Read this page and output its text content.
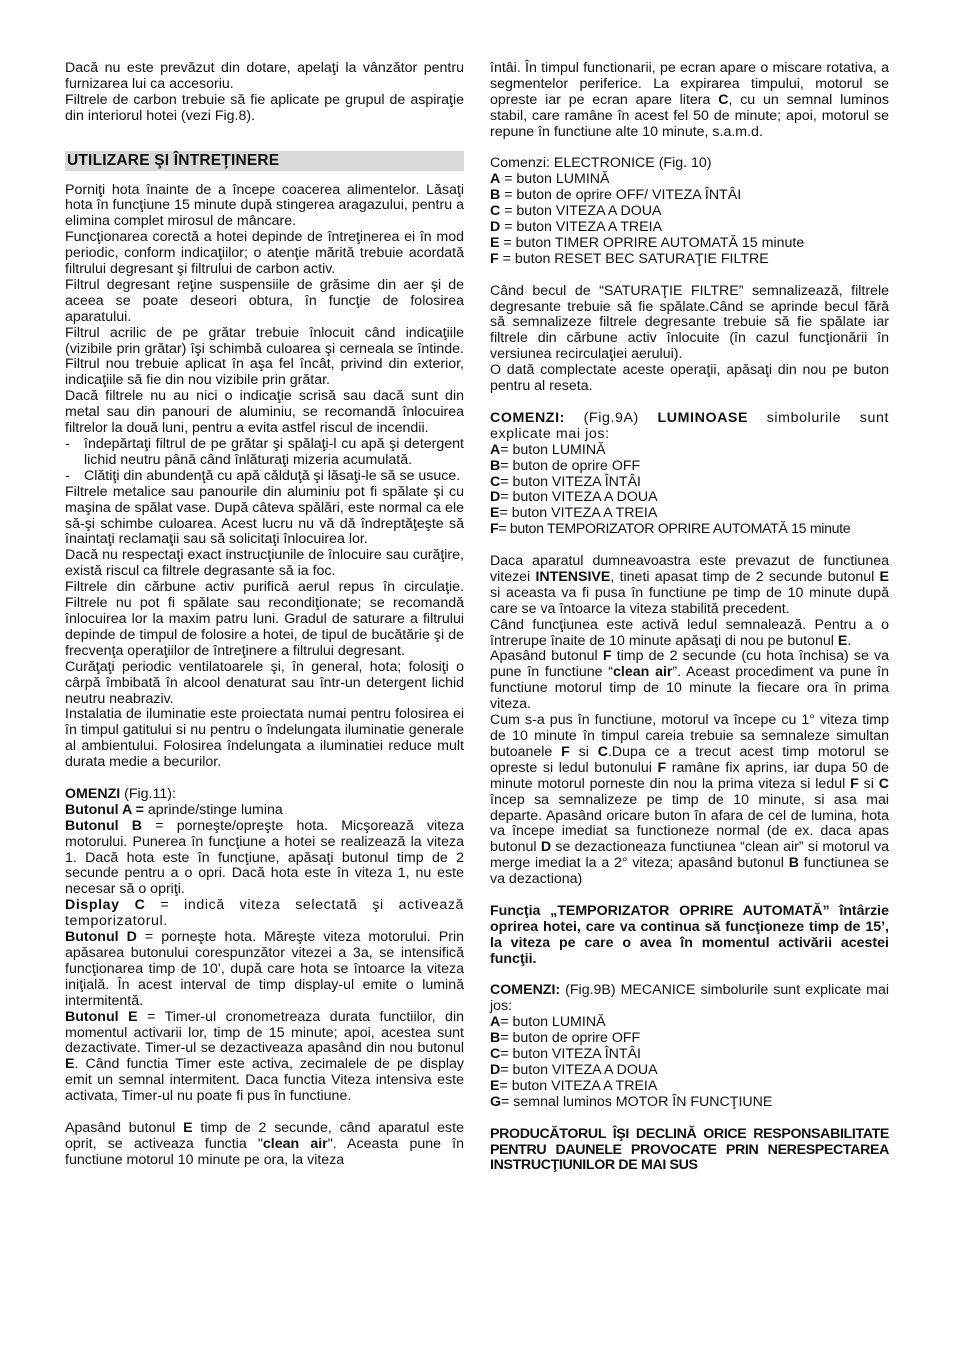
Dacă nu este prevăzut din dotare, apelaţi la vânzător pentru furnizarea lui ca accesoriu.

Filtrele de carbon trebuie să fie aplicate pe grupul de aspiraţie din interiorul hotei (vezi Fig.8).

UTILIZARE ŞI ÎNTREŢINERE

Porniţi hota înainte de a începe coacerea alimentelor. Lăsaţi hota în funcţiune 15 minute după stingerea aragazului, pentru a elimina complet mirosul de mâncare.

Funcţionarea corectă a hotei depinde de întreţinerea ei în mod periodic, conform indicaţiilor; o atenţie mărită trebuie acordată filtrului degresant şi filtrului de carbon activ.

Filtrul degresant reţine suspensiile de grăsime din aer şi de aceea se poate deseori obtura, în funcţie de folosirea aparatului.

Filtrul acrilic de pe grătar trebuie înlocuit când indicaţiile (vizibile prin grătar) îşi schimbă culoarea şi cerneala se întinde. Filtrul nou trebuie aplicat în aşa fel încât, privind din exterior, indicaţiile să fie din nou vizibile prin grătar.

Dacă filtrele nu au nici o indicaţie scrisă sau dacă sunt din metal sau din panouri de aluminiu, se recomandă înlocuirea filtrelor la două luni, pentru a evita astfel riscul de incendii.

-	îndepărtaţi filtrul de pe grătar şi spălaţi-l cu apă şi detergent lichid neutru până când înlăturaţi mizeria acumulată.
-	Clătiţi din abundenţă cu apă călduţă şi lăsaţi-le să se usuce.

Filtrele metalice sau panourile din aluminiu pot fi spălate şi cu maşina de spălat vase. După câteva spălări, este normal ca ele să-şi schimbe culoarea. Acest lucru nu vă dă îndreptăţeşte să înaintaţi reclamaţii sau să solicitaţi înlocuirea lor.

Dacă nu respectaţi exact instrucţiunile de înlocuire sau curăţire, există riscul ca filtrele degrasante să ia foc.

Filtrele din cărbune activ purifică aerul repus în circulaţie. Filtrele nu pot fi spălate sau recondiţionate; se recomandă înlocuirea lor la maxim patru luni. Gradul de saturare a filtrului depinde de timpul de folosire a hotei, de tipul de bucătărie şi de frecvenţa operaţiilor de întreţinere a filtrului degresant.

Curăţaţi periodic ventilatoarele şi, în general, hota; folosiţi o cârpă îmbibată în alcool denaturat sau într-un detergent lichid neutru neabraziv.

Instalatia de iluminatie este proiectata numai pentru folosirea ei în timpul gatitului si nu pentru o îndelungata iluminatie generale al ambientului. Folosirea îndelungata a iluminatiei reduce mult durata medie a becurilor.

OMENZI (Fig.11):

Butonul A = aprinde/stinge lumina

Butonul B = porneşte/opreşte hota. Micşorează viteza motorului. Punerea în funcţiune a hotei se realizează la viteza 1. Dacă hota este în funcţiune, apăsaţi butonul timp de 2 secunde pentru a o opri. Dacă hota este în viteza 1, nu este necesar să o opriţi.

Display C = indică viteza selectată şi activează temporizatorul.

Butonul D = porneşte hota. Măreşte viteza motorului. Prin apăsarea butonului corespunzător vitezei a 3a, se intensifică funcţionarea timp de 10’, după care hota se întoarce la viteza iniţială. În acest interval de timp display-ul emite o lumină intermitentă.

Butonul E = Timer-ul cronometreaza durata functiilor, din momentul activarii lor, timp de 15 minute; apoi, acestea sunt dezactivate. Timer-ul se dezactiveaza apasând din nou butonul E. Când functia Timer este activa, zecimalele de pe display emit un semnal intermitent. Daca functia Viteza intensiva este activata, Timer-ul nu poate fi pus în functiune.

Apasând butonul E timp de 2 secunde, când aparatul este oprit, se activeaza functia "clean air". Aceasta pune în functiune motorul 10 minute pe ora, la viteza

întâi. În timpul functionarii, pe ecran apare o miscare rotativa, a segmentelor periferice. La expirarea timpului, motorul se opreste iar pe ecran apare litera C, cu un semnal luminos stabil, care ramâne în acest fel 50 de minute; apoi, motorul se repune în functiune alte 10 minute, s.a.m.d.

Comenzi: ELECTRONICE (Fig. 10)

A = buton LUMINĂ

B = buton de oprire OFF/ VITEZA ÎNTÂI

C = buton VITEZA A DOUA

D = buton VITEZA A TREIA

E = buton TIMER OPRIRE AUTOMATĂ 15 minute

F = buton RESET BEC SATURAŢIE FILTRE

Când becul de “SATURAŢIE FILTRE” semnalizează, filtrele degresante trebuie să fie spălate.Când se aprinde becul fără să semnalizeze filtrele degresante trebuie să fie spălate iar filtrele din cărbune activ înlocuite (în cazul funcţionării în versiunea recirculaţiei aerului).

O dată complectate aceste operaţii, apăsaţi din nou pe buton pentru al reseta.

COMENZI: (Fig.9A) LUMINOASE simbolurile sunt explicate mai jos:

A= buton LUMINĂ

B= buton de oprire OFF

C= buton VITEZA ÎNTÂI

D= buton VITEZA A DOUA

E= buton VITEZA A TREIA

F= buton TEMPORIZATOR OPRIRE AUTOMATĂ 15 minute

Daca aparatul dumneavoastra este prevazut de functiunea vitezei INTENSIVE, tineti apasat timp de 2 secunde butonul E si aceasta va fi pusa în functiune pe timp de 10 minute după care se va întoarce la viteza stabilită precedent.

Când funcţiunea este activă ledul semnalează. Pentru a o întrerupe înaite de 10 minute apăsaţi di nou pe butonul E.

Apasând butonul F timp de 2 secunde (cu hota închisa) se va pune în functiune “clean air”. Aceast procediment va pune în functiune motorul timp de 10 minute la fiecare ora în prima viteza.

Cum s-a pus în functiune, motorul va începe cu 1° viteza timp de 10 minute în timpul careia trebuie sa semnaleze simultan butoanele F si C.Dupa ce a trecut acest timp motorul se opreste si ledul butonului F ramâne fix aprins, iar dupa 50 de minute motorul porneste din nou la prima viteza si ledul F si C încep sa semnalizeze pe timp de 10 minute, si asa mai departe. Apasând oricare buton în afara de cel de lumina, hota va începe imediat sa functioneze normal (de ex. daca apas butonul D se dezactioneaza functiunea “clean air” si motorul va merge imediat la a 2° viteza; apasând butonul B functiunea se va dezactiona)

Funcţia „TEMPORIZATOR OPRIRE AUTOMATĂ” întârzie oprirea hotei, care va continua să funcţioneze timp de 15’, la viteza pe care o avea în momentul activării acestei funcţii.

COMENZI: (Fig.9B) MECANICE simbolurile sunt explicate mai jos:

A= buton LUMINĂ

B= buton de oprire OFF

C= buton VITEZA ÎNTÂI

D= buton VITEZA A DOUA

E= buton VITEZA A TREIA

G= semnal luminos MOTOR ÎN FUNCŢIUNE

PRODUCĂTORUL ÎŞI DECLINĂ ORICE RESPONSABILITATE PENTRU DAUNELE PROVOCATE PRIN NERESPECTAREA INSTRUCŢIUNILOR DE MAI SUS
